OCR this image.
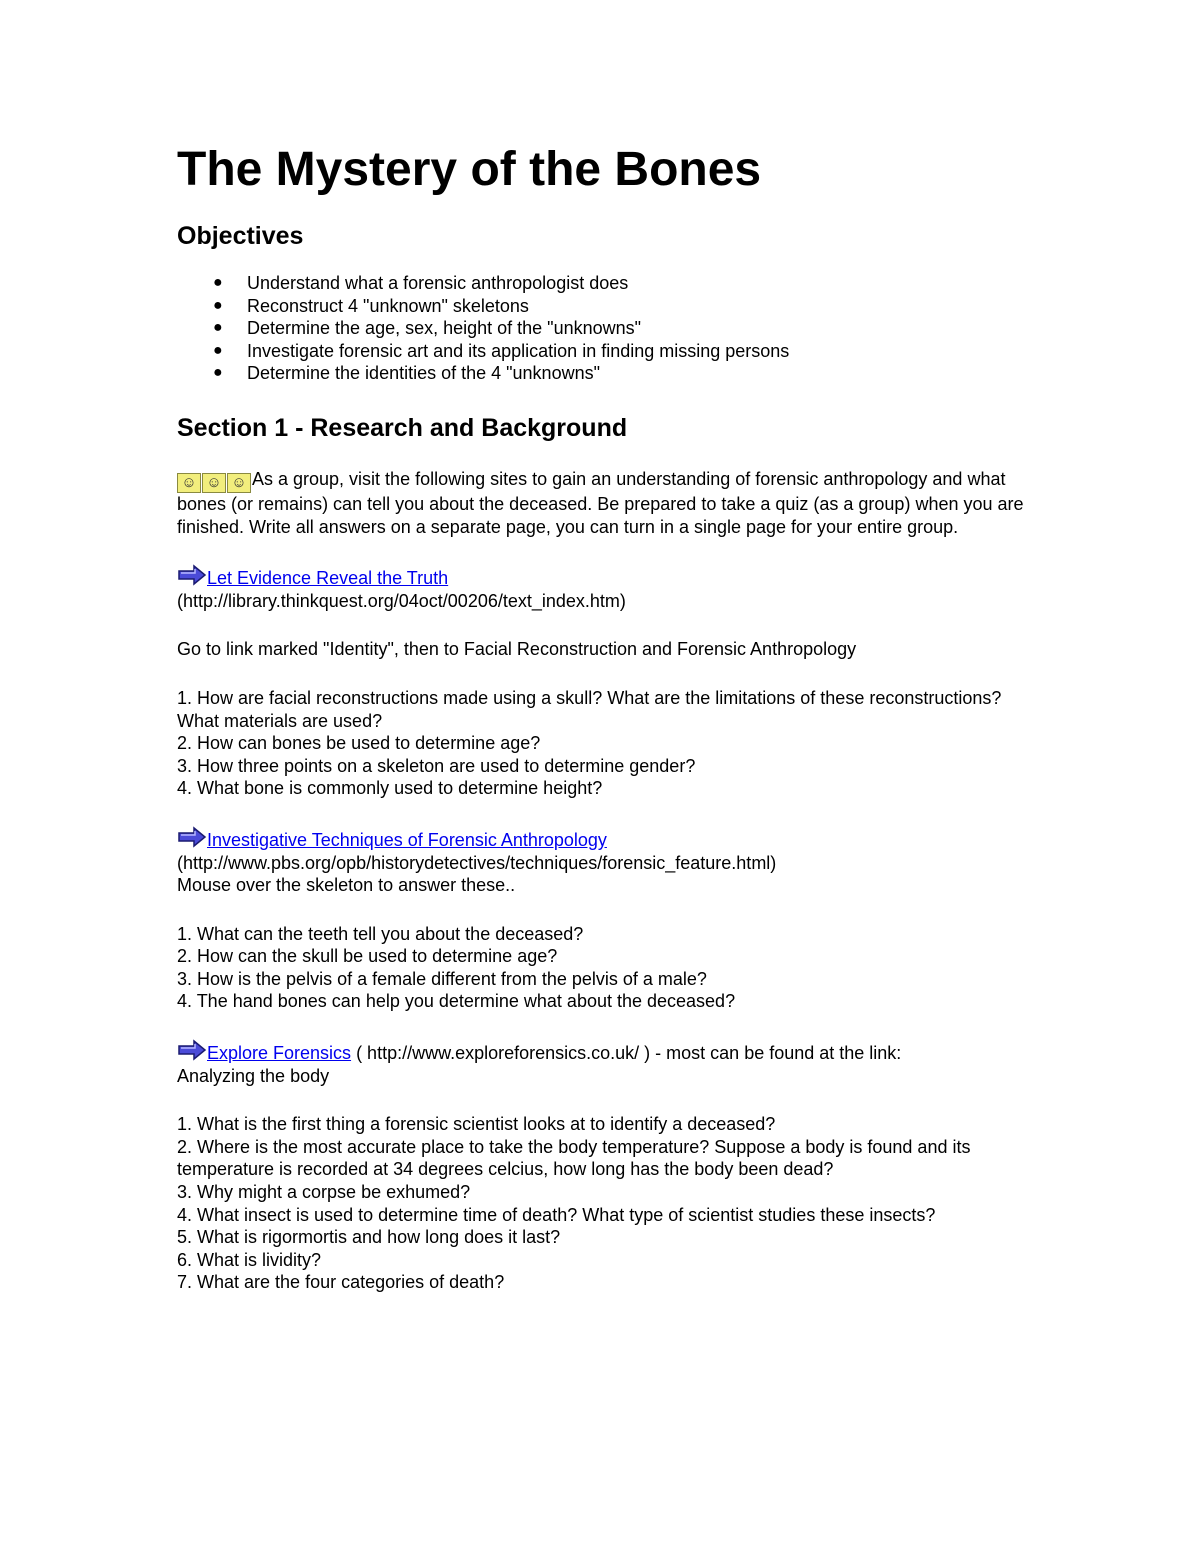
The Mystery of the Bones
Objectives
● Understand what a forensic anthropologist does
● Reconstruct 4 "unknown" skeletons
● Determine the age, sex, height of the "unknowns"
● Investigate forensic art and its application in finding missing persons
● Determine the identities of the 4 "unknowns"
Section 1 - Research and Background

☺ ☺ ☺ As a group, visit the following sites to gain an understanding of forensic anthropology and what bones (or remains) can tell you about the deceased. Be prepared to take a quiz (as a group) when you are finished. Write all answers on a separate page, you can turn in a single page for your entire group.

Let Evidence Reveal the Truth

(http://library.thinkquest.org/04oct/00206/text_index.htm)

Go to link marked "Identity", then to Facial Reconstruction and Forensic Anthropology

1. How are facial reconstructions made using a skull? What are the limitations of these reconstructions? What materials are used?

2. How can bones be used to determine age?

3. How three points on a skeleton are used to determine gender?

4. What bone is commonly used to determine height?

Investigative Techniques of Forensic Anthropology

(http://www.pbs.org/opb/historydetectives/techniques/forensic_feature.html)

Mouse over the skeleton to answer these..

1. What can the teeth tell you about the deceased?

2. How can the skull be used to determine age?

3. How is the pelvis of a female different from the pelvis of a male?

4. The hand bones can help you determine what about the deceased?

Explore Forensics ( http://www.exploreforensics.co.uk/ ) - most can be found at the link:

Analyzing the body

1. What is the first thing a forensic scientist looks at to identify a deceased?

2. Where is the most accurate place to take the body temperature? Suppose a body is found and its temperature is recorded at 34 degrees celcius, how long has the body been dead?

3. Why might a corpse be exhumed?

4. What insect is used to determine time of death? What type of scientist studies these insects?

5. What is rigormortis and how long does it last?

6. What is lividity?

7. What are the four categories of death?
